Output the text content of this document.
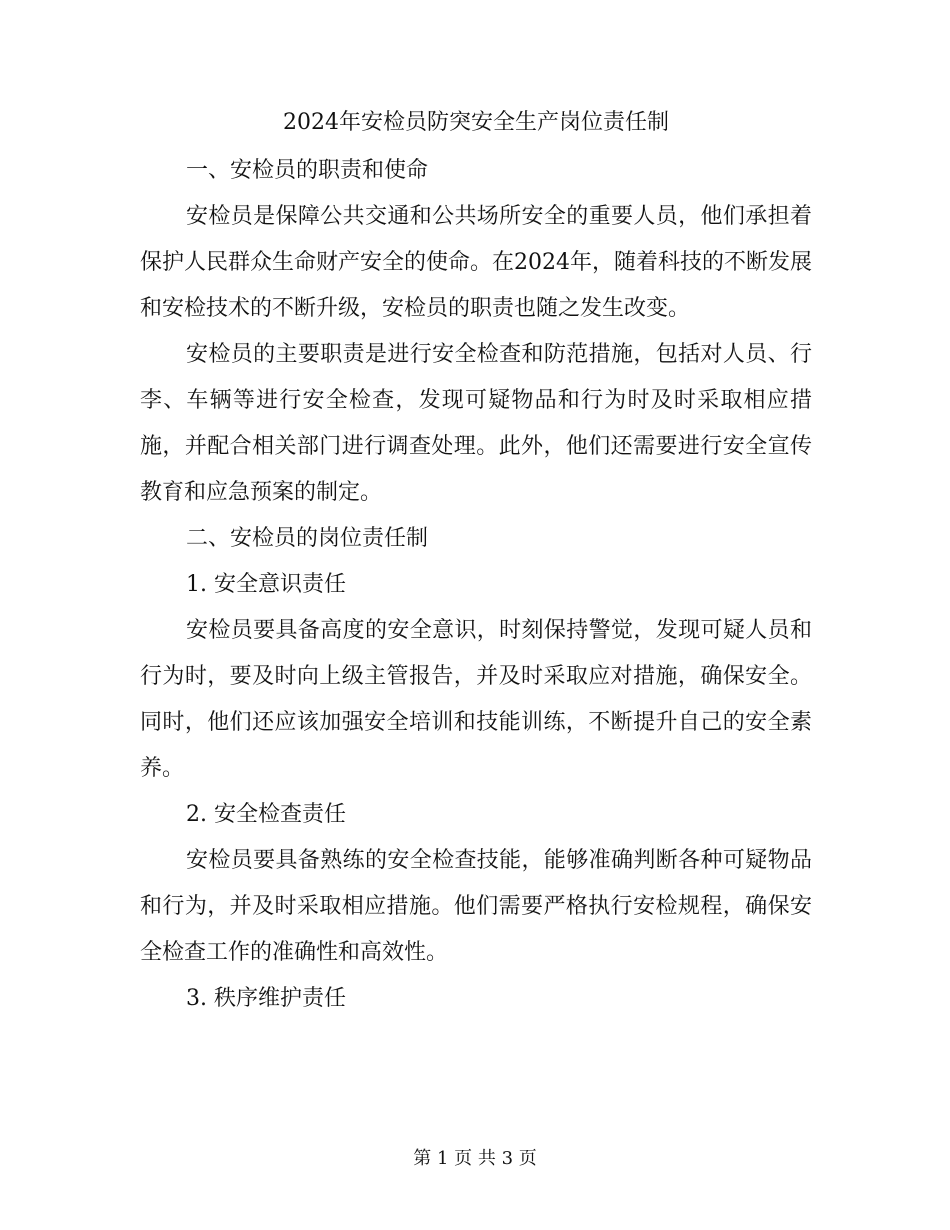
2024年安检员防突安全生产岗位责任制

一、安检员的职责和使命

安检员是保障公共交通和公共场所安全的重要人员，他们承担着保护人民群众生命财产安全的使命。在2024年，随着科技的不断发展和安检技术的不断升级，安检员的职责也随之发生改变。

安检员的主要职责是进行安全检查和防范措施，包括对人员、行李、车辆等进行安全检查，发现可疑物品和行为时及时采取相应措施，并配合相关部门进行调查处理。此外，他们还需要进行安全宣传教育和应急预案的制定。

二、安检员的岗位责任制

1. 安全意识责任

安检员要具备高度的安全意识，时刻保持警觉，发现可疑人员和行为时，要及时向上级主管报告，并及时采取应对措施，确保安全。同时，他们还应该加强安全培训和技能训练，不断提升自己的安全素养。

2. 安全检查责任

安检员要具备熟练的安全检查技能，能够准确判断各种可疑物品和行为，并及时采取相应措施。他们需要严格执行安检规程，确保安全检查工作的准确性和高效性。

3. 秩序维护责任

第 1 页 共 3 页
